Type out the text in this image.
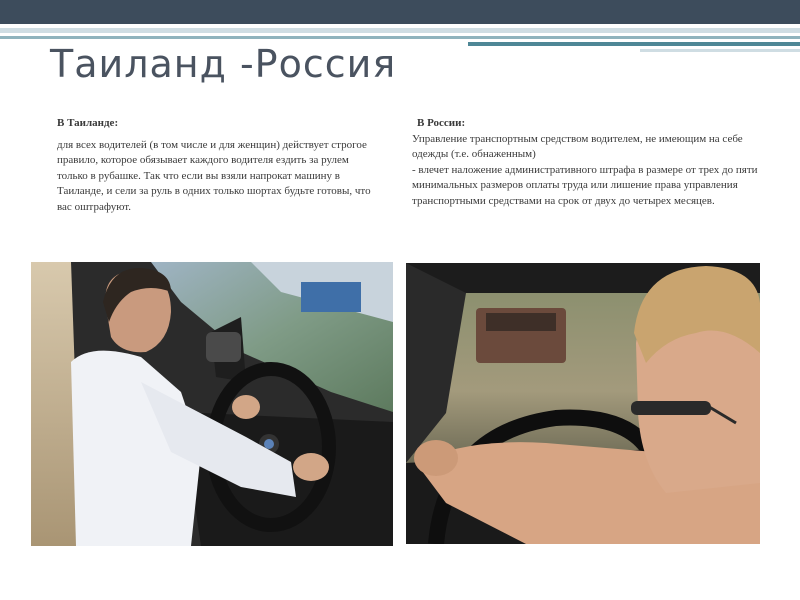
Таиланд -Россия

В Таиланде:

для всех водителей (в том числе и для женщин) действует строгое правило, которое обязывает каждого водителя ездить за рулем только в рубашке. Так что если вы взяли напрокат машину в Таиланде, и сели за руль в одних только шортах будьте готовы, что вас оштрафуют.

В России:

Управление транспортным средством водителем, не имеющим на себе одежды (т.е. обнаженным)

- влечет наложение административного штрафа в размере от трех до пяти минимальных размеров оплаты труда или лишение права управления транспортными средствами на срок от двух до четырех месяцев.
